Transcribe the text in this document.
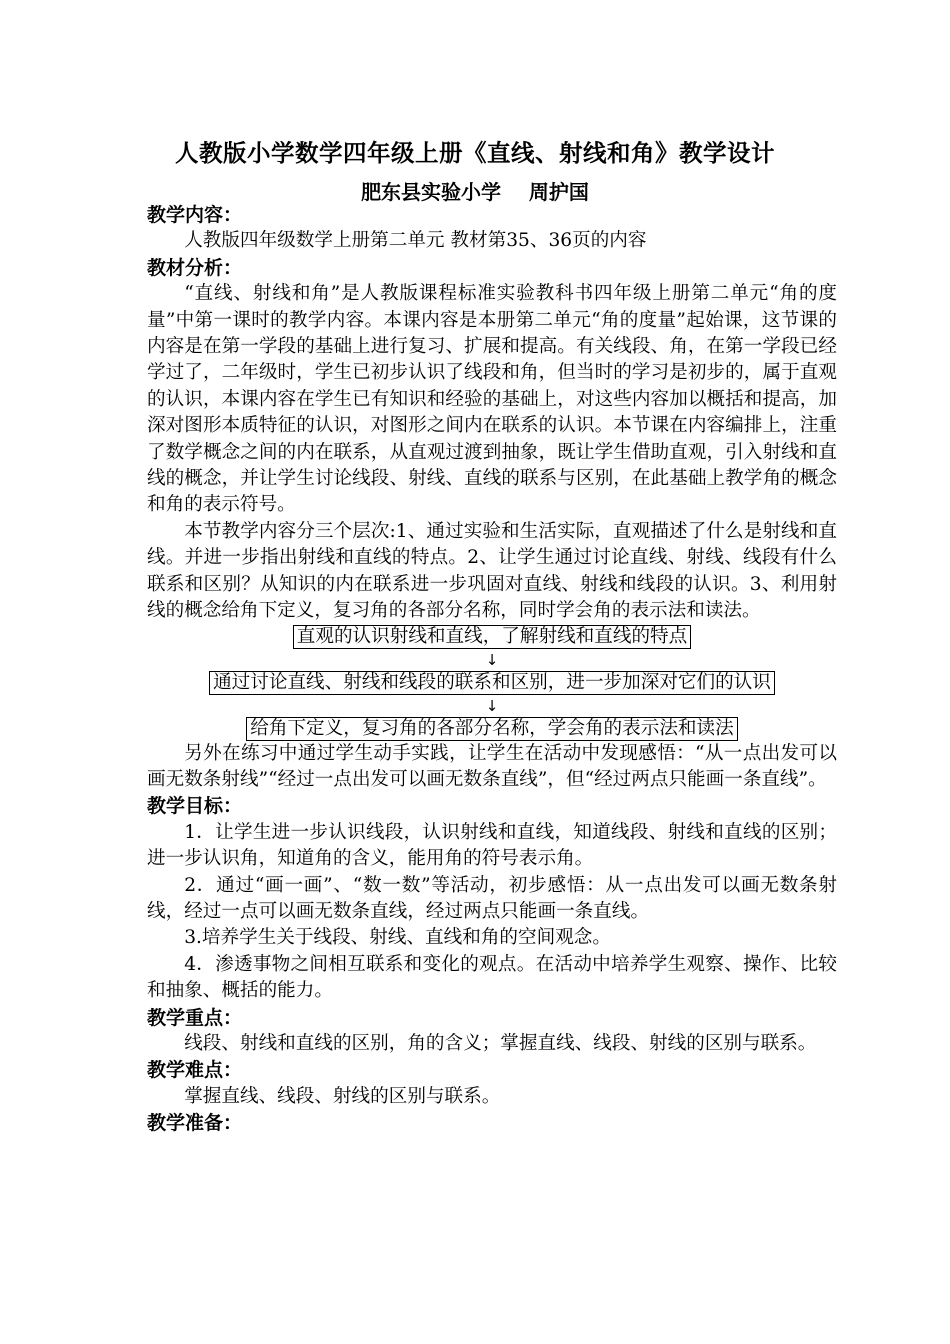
人教版小学数学四年级上册《直线、射线和角》教学设计
肥东县实验小学    周护国
教学内容：
人教版四年级数学上册第二单元 教材第35、36页的内容
教材分析：
“直线、射线和角”是人教版课程标准实验教科书四年级上册第二单元“角的度量”中第一课时的教学内容。本课内容是本册第二单元“角的度量”起始课，这节课的内容是在第一学段的基础上进行复习、扩展和提高。有关线段、角，在第一学段已经学过了，二年级时，学生已初步认识了线段和角，但当时的学习是初步的，属于直观的认识，本课内容在学生已有知识和经验的基础上，对这些内容加以概括和提高，加深对图形本质特征的认识，对图形之间内在联系的认识。本节课在内容编排上，注重了数学概念之间的内在联系，从直观过渡到抽象，既让学生借助直观，引入射线和直线的概念，并让学生讨论线段、射线、直线的联系与区别，在此基础上教学角的概念和角的表示符号。
本节教学内容分三个层次:1、通过实验和生活实际，直观描述了什么是射线和直线。并进一步指出射线和直线的特点。2、让学生通过讨论直线、射线、线段有什么联系和区别？从知识的内在联系进一步巩固对直线、射线和线段的认识。3、利用射线的概念给角下定义，复习角的各部分名称，同时学会角的表示法和读法。
直观的认识射线和直线，了解射线和直线的特点
↓
通过讨论直线、射线和线段的联系和区别，进一步加深对它们的认识
↓
给角下定义，复习角的各部分名称，学会角的表示法和读法
另外在练习中通过学生动手实践，让学生在活动中发现感悟：“从一点出发可以画无数条射线”“经过一点出发可以画无数条直线”，但“经过两点只能画一条直线”。
教学目标：
1．让学生进一步认识线段，认识射线和直线，知道线段、射线和直线的区别；进一步认识角，知道角的含义，能用角的符号表示角。
2．通过“画一画”、“数一数”等活动，初步感悟：从一点出发可以画无数条射线，经过一点可以画无数条直线，经过两点只能画一条直线。
3.培养学生关于线段、射线、直线和角的空间观念。
4．渗透事物之间相互联系和变化的观点。在活动中培养学生观察、操作、比较和抽象、概括的能力。
教学重点：
线段、射线和直线的区别，角的含义；掌握直线、线段、射线的区别与联系。
教学难点：
掌握直线、线段、射线的区别与联系。
教学准备：
